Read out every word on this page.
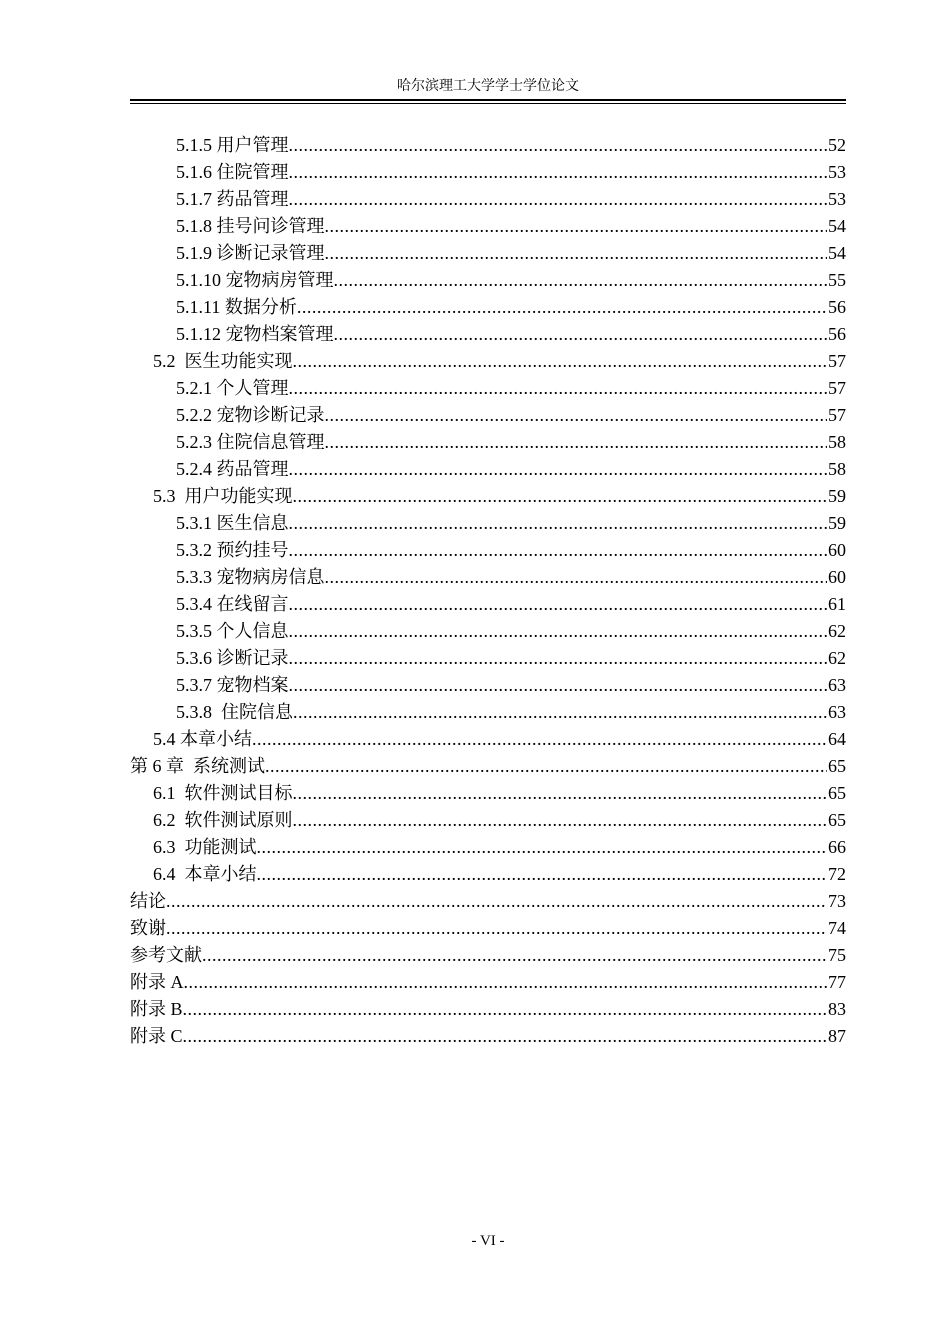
哈尔滨理工大学学士学位论文
5.1.5 用户管理 .....	52
5.1.6 住院管理 .....	53
5.1.7 药品管理 .....	53
5.1.8 挂号问诊管理 .....	54
5.1.9 诊断记录管理 .....	54
5.1.10 宠物病房管理 .....	55
5.1.11 数据分析 .....	56
5.1.12 宠物档案管理 .....	56
5.2  医生功能实现 .....	57
5.2.1 个人管理 .....	57
5.2.2 宠物诊断记录 .....	57
5.2.3 住院信息管理 .....	58
5.2.4 药品管理 .....	58
5.3  用户功能实现 .....	59
5.3.1 医生信息 .....	59
5.3.2 预约挂号 .....	60
5.3.3 宠物病房信息 .....	60
5.3.4 在线留言 .....	61
5.3.5 个人信息 .....	62
5.3.6 诊断记录 .....	62
5.3.7 宠物档案 .....	63
5.3.8  住院信息 .....	63
5.4 本章小结 .....	64
第 6 章  系统测试 .....	65
6.1  软件测试目标 .....	65
6.2  软件测试原则 .....	65
6.3  功能测试 .....	66
6.4  本章小结 .....	72
结论 .....	73
致谢 .....	74
参考文献 .....	75
附录 A .....	77
附录 B .....	83
附录 C .....	87
- VI -
